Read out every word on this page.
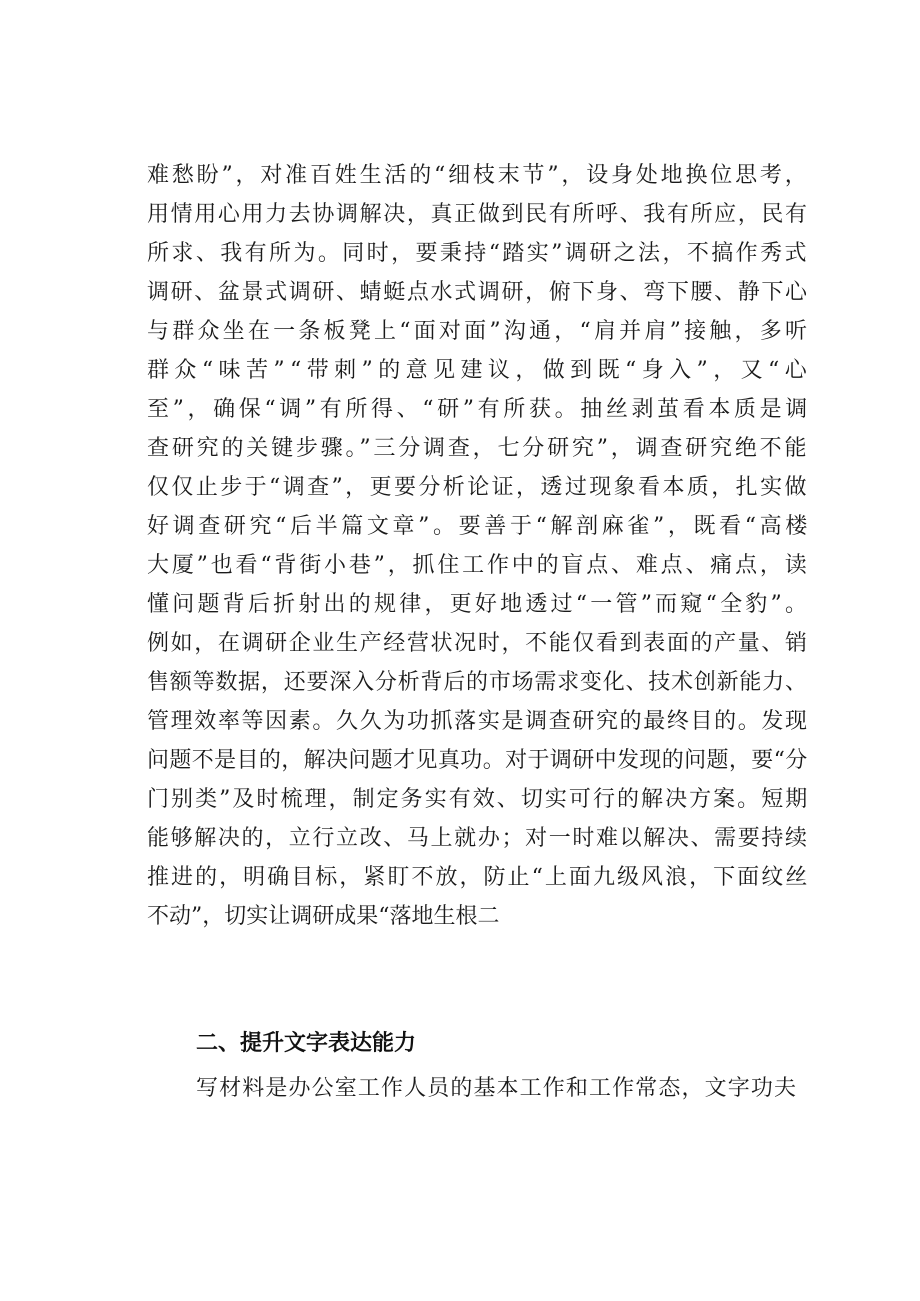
难愁盼”，对准百姓生活的“细枝末节”，设身处地换位思考，
用情用心用力去协调解决，真正做到民有所呼、我有所应，民有
所求、我有所为。同时，要秉持“踏实”调研之法，不搞作秀式
调研、盆景式调研、蜻蜓点水式调研，俯下身、弯下腰、静下心
与群众坐在一条板凳上“面对面”沟通，“肩并肩”接触，多听
群众“味苦”“带刺”的意见建议，做到既“身入”，又“心
至”，确保“调”有所得、“研”有所获。抽丝剥茧看本质是调
查研究的关键步骤。”三分调查，七分研究”，调查研究绝不能
仅仅止步于“调查”，更要分析论证，透过现象看本质，扎实做
好调查研究“后半篇文章”。要善于“解剖麻雀”，既看“高楼
大厦”也看“背街小巷”，抓住工作中的盲点、难点、痛点，读
懂问题背后折射出的规律，更好地透过“一管”而窥“全豹”。
例如，在调研企业生产经营状况时，不能仅看到表面的产量、销
售额等数据，还要深入分析背后的市场需求变化、技术创新能力、
管理效率等因素。久久为功抓落实是调查研究的最终目的。发现
问题不是目的，解决问题才见真功。对于调研中发现的问题，要“分
门别类”及时梳理，制定务实有效、切实可行的解决方案。短期
能够解决的，立行立改、马上就办；对一时难以解决、需要持续
推进的，明确目标，紧盯不放，防止“上面九级风浪，下面纹丝
不动”，切实让调研成果“落地生根二
二、提升文字表达能力
写材料是办公室工作人员的基本工作和工作常态，文字功夫
